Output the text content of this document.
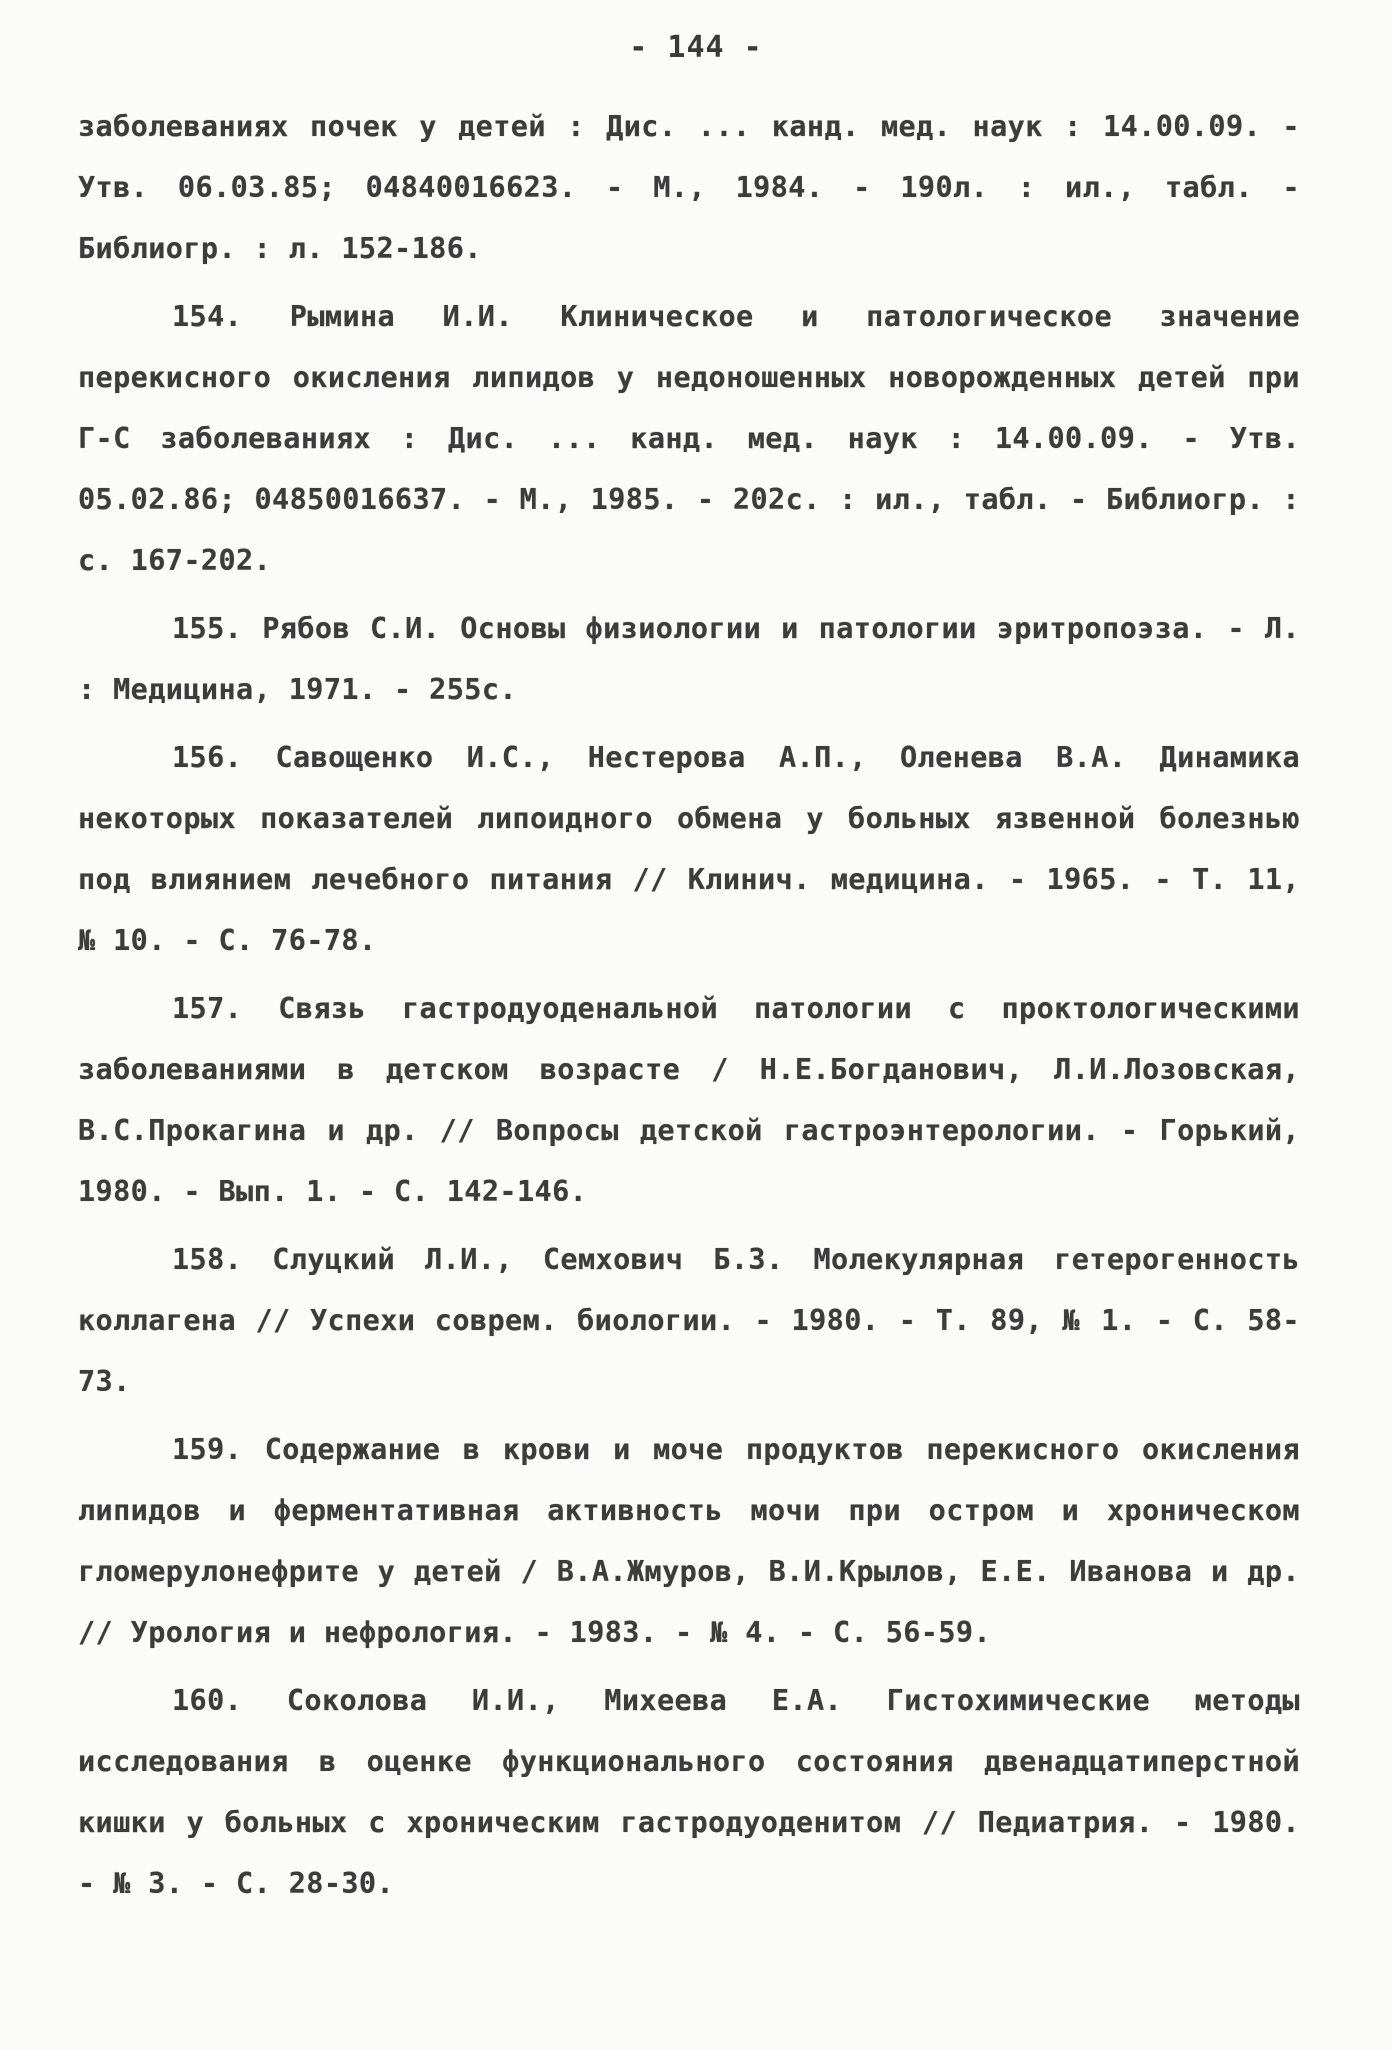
- 144 -

заболеваниях почек у детей : Дис. ... канд. мед. наук : 14.00.09. - Утв. 06.03.85; 04840016623. - М., 1984. - 190л. : ил., табл. - Библиогр. : л. 152-186.

154. Рымина И.И. Клиническое и патологическое значение перекисного окисления липидов у недоношенных новорожденных детей при Г-С заболеваниях : Дис. ... канд. мед. наук : 14.00.09. - Утв. 05.02.86; 04850016637. - М., 1985. - 202с. : ил., табл. - Библиогр. : с. 167-202.

155. Рябов С.И. Основы физиологии и патологии эритропоэза. - Л. : Медицина, 1971. - 255с.

156. Савощенко И.С., Нестерова А.П., Оленева В.А. Динамика некоторых показателей липоидного обмена у больных язвенной болезнью под влиянием лечебного питания // Клинич. медицина. - 1965. - Т. 11, № 10. - С. 76-78.

157. Связь гастродуоденальной патологии с проктологическими заболеваниями в детском возрасте / Н.Е.Богданович, Л.И.Лозовская, В.С.Прокагина и др. // Вопросы детской гастроэнтерологии. - Горький, 1980. - Вып. 1. - С. 142-146.

158. Слуцкий Л.И., Семхович Б.З. Молекулярная гетерогенность коллагена // Успехи соврем. биологии. - 1980. - Т. 89, № 1. - С. 58-73.

159. Содержание в крови и моче продуктов перекисного окисления липидов и ферментативная активность мочи при остром и хроническом гломерулонефрите у детей / В.А.Жмуров, В.И.Крылов, Е.Е. Иванова и др. // Урология и нефрология. - 1983. - № 4. - С. 56-59.

160. Соколова И.И., Михеева Е.А. Гистохимические методы исследования в оценке функционального состояния двенадцатиперстной кишки у больных с хроническим гастродуоденитом // Педиатрия. - 1980. - № 3. - С. 28-30.
